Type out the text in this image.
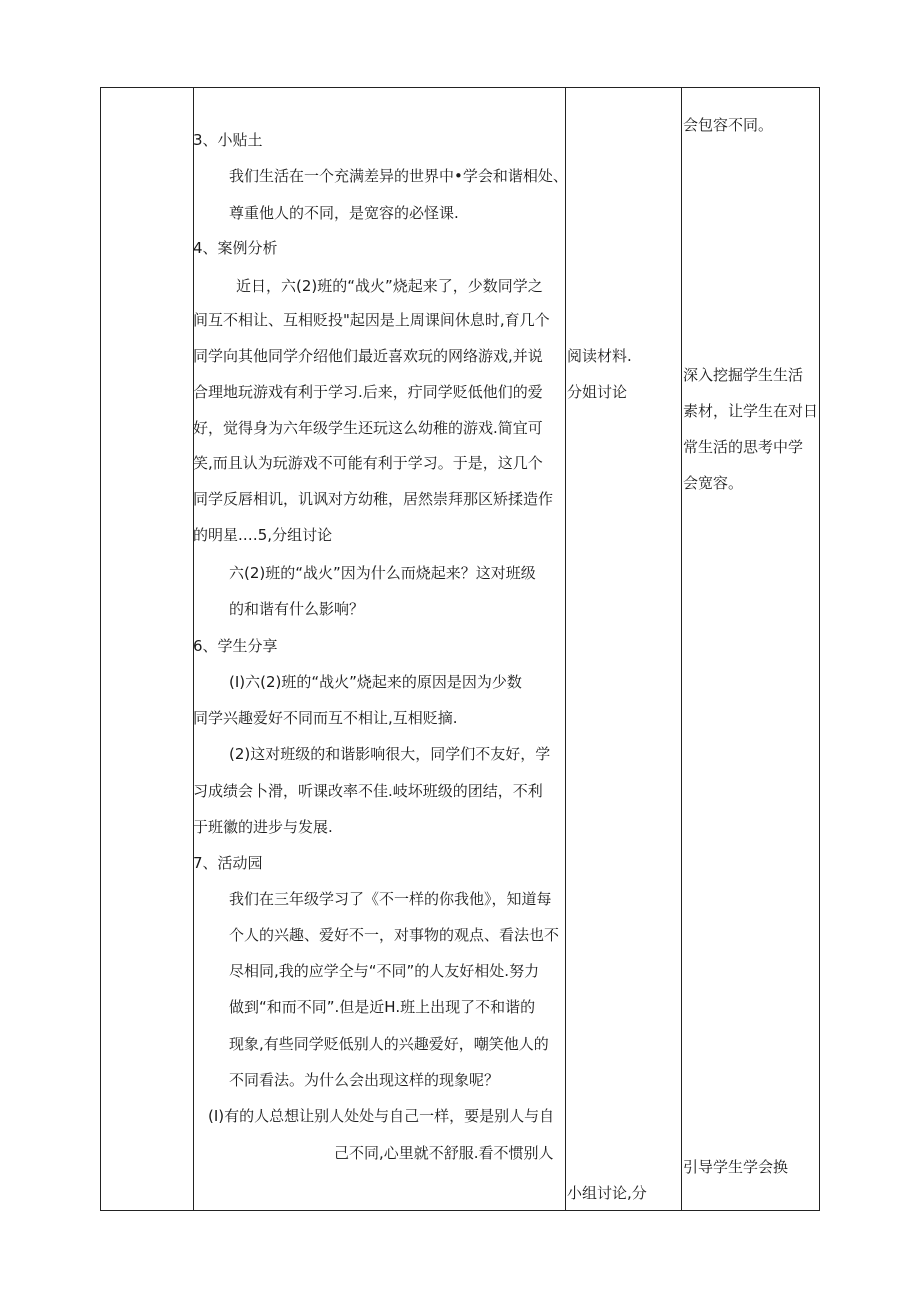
3、小贴土
我们生活在一个充满差异的世界中•学会和谐相处、
尊重他人的不同，是宽容的必怪课.
4、案例分析
近日，六(2)班的“战火”烧起来了，少数同学之
间互不相让、互相贬投"起因是上周课间休息时,育几个
同学向其他同学介绍他们最近喜欢玩的网络游戏,并说
合理地玩游戏有利于学习.后来，疔同学贬低他们的爱
好，觉得身为六年级学生还玩这么幼稚的游戏.简宜可
笑,而且认为玩游戏不可能有利于学习。于是，这几个
同学反唇相讥，讥讽对方幼稚，居然崇拜那区矫揉造作
的明星.…5,分组讨论
六(2)班的“战火”因为什么而烧起来？这对班级
的和谐有什么影响？
6、学生分享
(I)六(2)班的“战火”烧起来的原因是因为少数
同学兴趣爱好不同而互不相让,互相贬摘.
(2)这对班级的和谐影响很大，同学们不友好，学
习成绩会卜滑，听课改率不佳.岐坏班级的团结，不利
于班徽的进步与发展.
7、活动园
我们在三年级学习了《不一样的你我他》，知道每
个人的兴趣、爱好不一，对事物的观点、看法也不
尽相同,我的应学仝与“不同”的人友好相处.努力
做到“和而不同”.但是近H.班上出现了不和谐的
现象,有些同学贬低别人的兴趣爱好，嘲笑他人的
不同看法。为什么会出现这样的现象呢？
(I)有的人总想让别人处处与自己一样，要是别人与自
己不同,心里就不舒服.看不惯别人
阅读材料.
分姐讨论
小组讨论,分
会包容不同。
深入挖掘学生生活
素材，让学生在对日
常生活的思考中学
会宽容。
引导学生学会换
